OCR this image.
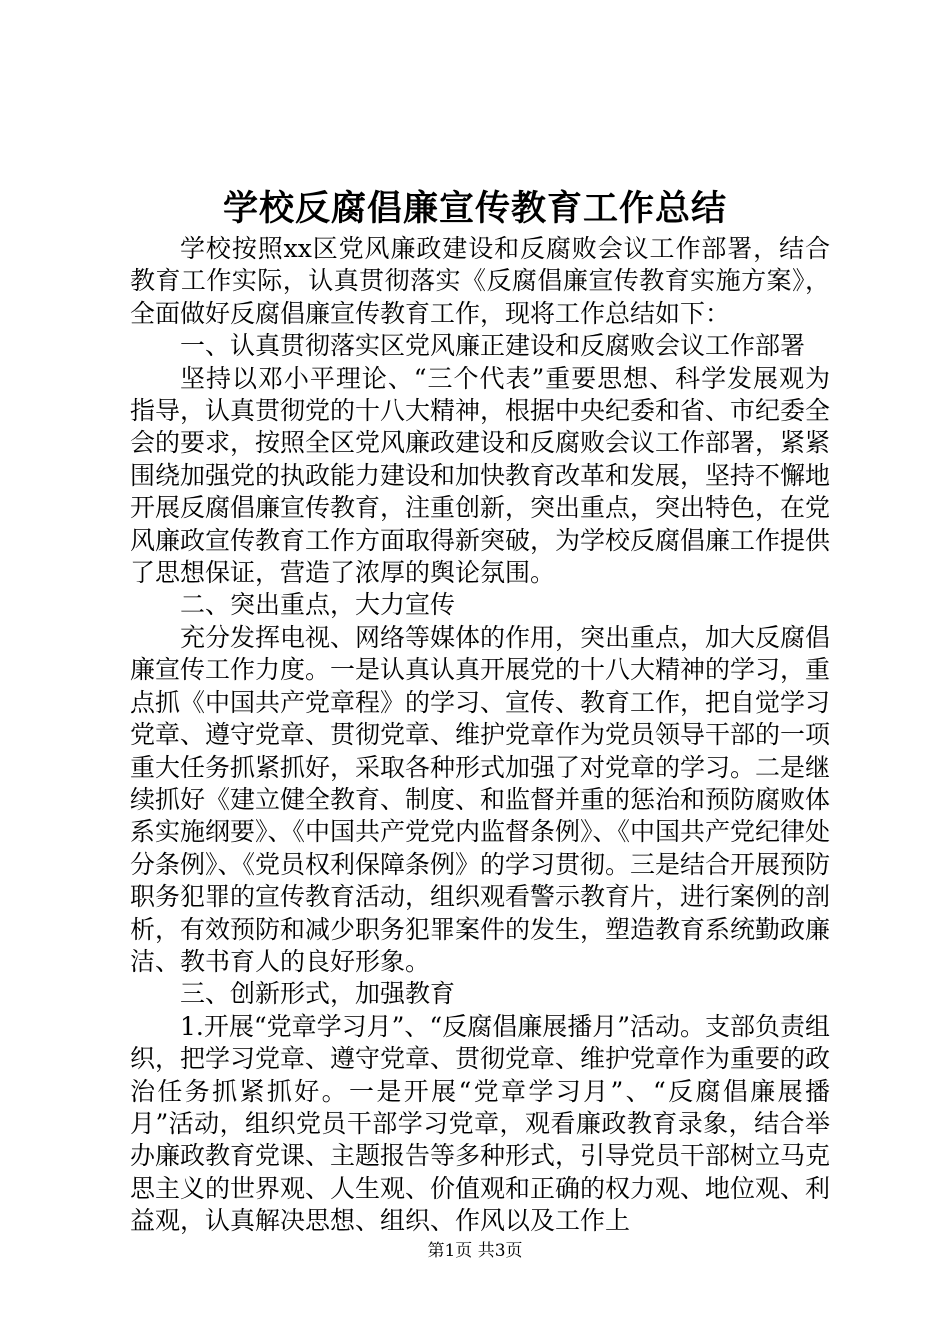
学校反腐倡廉宣传教育工作总结

学校按照xx区党风廉政建设和反腐败会议工作部署，结合教育工作实际，认真贯彻落实《反腐倡廉宣传教育实施方案》，全面做好反腐倡廉宣传教育工作，现将工作总结如下：

一、认真贯彻落实区党风廉正建设和反腐败会议工作部署

坚持以邓小平理论、“三个代表”重要思想、科学发展观为指导，认真贯彻党的十八大精神，根据中央纪委和省、市纪委全会的要求，按照全区党风廉政建设和反腐败会议工作部署，紧紧围绕加强党的执政能力建设和加快教育改革和发展，坚持不懈地开展反腐倡廉宣传教育，注重创新，突出重点，突出特色，在党风廉政宣传教育工作方面取得新突破，为学校反腐倡廉工作提供了思想保证，营造了浓厚的舆论氛围。

二、突出重点，大力宣传

充分发挥电视、网络等媒体的作用，突出重点，加大反腐倡廉宣传工作力度。一是认真认真开展党的十八大精神的学习，重点抓《中国共产党章程》的学习、宣传、教育工作，把自觉学习党章、遵守党章、贯彻党章、维护党章作为党员领导干部的一项重大任务抓紧抓好，采取各种形式加强了对党章的学习。二是继续抓好《建立健全教育、制度、和监督并重的惩治和预防腐败体系实施纲要》、《中国共产党党内监督条例》、《中国共产党纪律处分条例》、《党员权利保障条例》的学习贯彻。三是结合开展预防职务犯罪的宣传教育活动，组织观看警示教育片，进行案例的剖析，有效预防和减少职务犯罪案件的发生，塑造教育系统勤政廉洁、教书育人的良好形象。

三、创新形式，加强教育

1.开展“党章学习月”、“反腐倡廉展播月”活动。支部负责组织，把学习党章、遵守党章、贯彻党章、维护党章作为重要的政治任务抓紧抓好。一是开展“党章学习月”、“反腐倡廉展播月”活动，组织党员干部学习党章，观看廉政教育录象，结合举办廉政教育党课、主题报告等多种形式，引导党员干部树立马克思主义的世界观、人生观、价值观和正确的权力观、地位观、利益观，认真解决思想、组织、作风以及工作上

第1页 共3页
